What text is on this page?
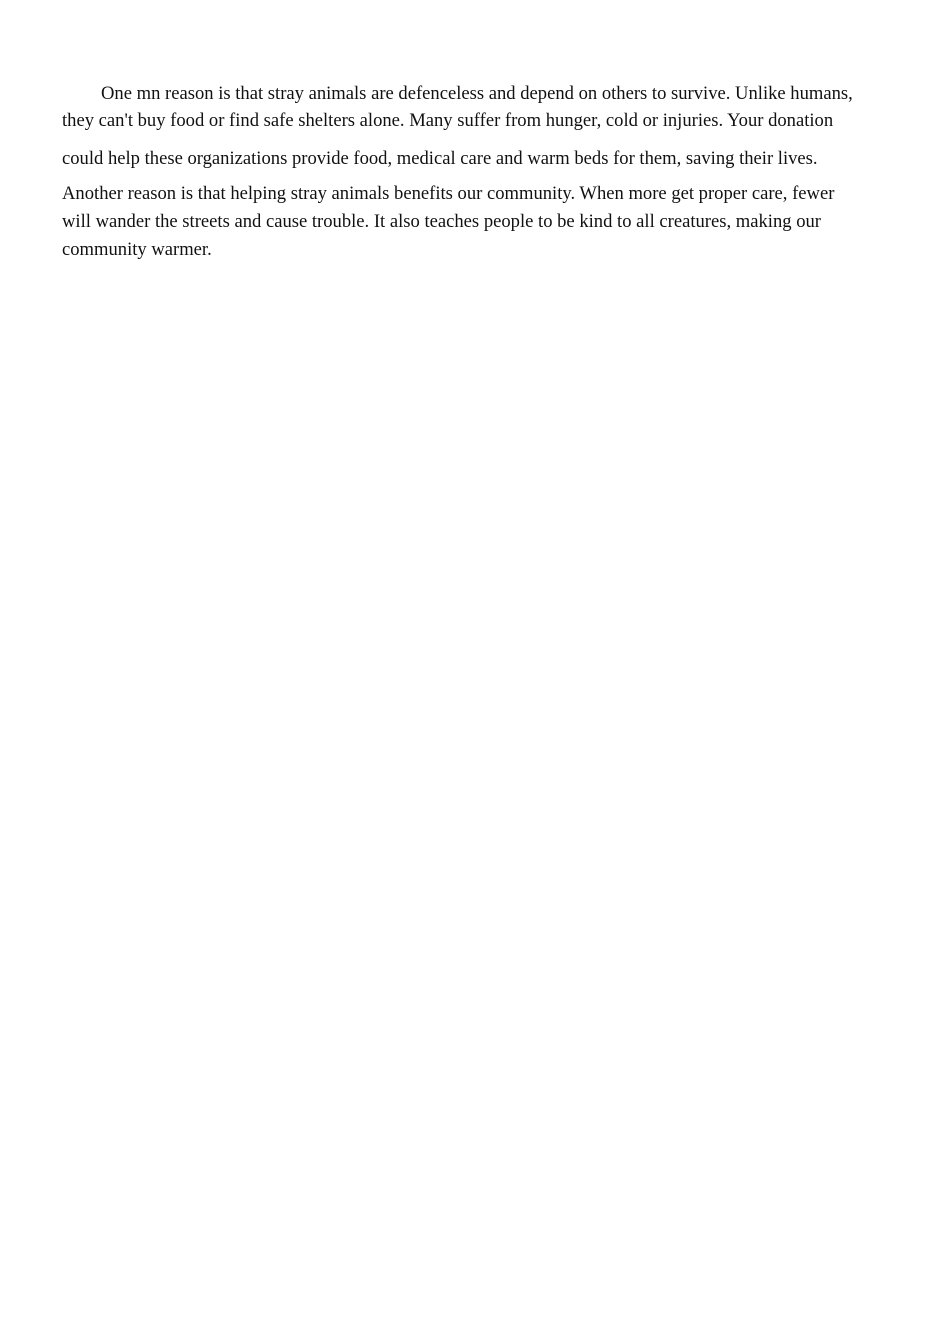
One mn reason is that stray animals are defenceless and depend on others to survive. Unlike humans,
they can't buy food or find safe shelters alone. Many suffer from hunger, cold or injuries. Your donation
could help these organizations provide food, medical care and warm beds for them, saving their lives.
Another reason is that helping stray animals benefits our community. When more get proper care, fewer
will wander the streets and cause trouble. It also teaches people to be kind to all creatures, making our
community warmer.
